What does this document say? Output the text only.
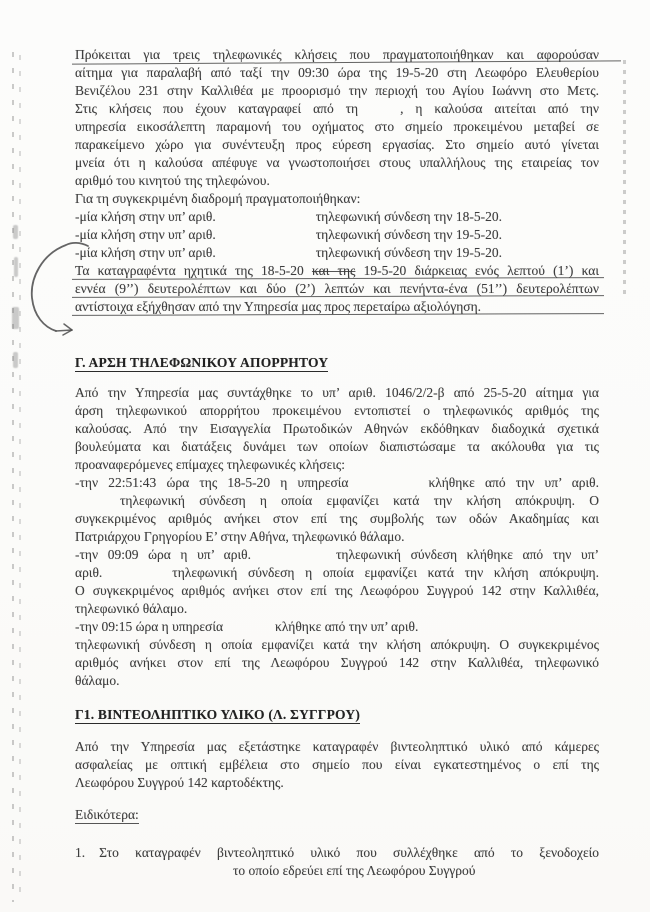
Πρόκειται για τρεις τηλεφωνικές κλήσεις που πραγματοποιήθηκαν και αφορούσαν
αίτημα για παραλαβή από ταξί την 09:30 ώρα της 19-5-20 στη Λεωφόρο Ελευθερίου
Βενιζέλου 231 στην Καλλιθέα με προορισμό την περιοχή του Αγίου Ιωάννη στο Μετς.
Στις κλήσεις που έχουν καταγραφεί από τη	, η καλούσα αιτείται από την
υπηρεσία εικοσάλεπτη παραμονή του οχήματος στο σημείο προκειμένου μεταβεί σε
παρακείμενο χώρο για συνέντευξη προς εύρεση εργασίας. Στο σημείο αυτό γίνεται
μνεία ότι η καλούσα απέφυγε να γνωστοποιήσει στους υπαλλήλους της εταιρείας τον
αριθμό του κινητού της τηλεφώνου.
Για τη συγκεκριμένη διαδρομή πραγματοποιήθηκαν:
-μία κλήση στην υπ’ αριθ.	τηλεφωνική σύνδεση την 18-5-20.
-μία κλήση στην υπ’ αριθ.	τηλεφωνική σύνδεση την 19-5-20.
-μία κλήση στην υπ’ αριθ.	τηλεφωνική σύνδεση την 19-5-20.
Τα καταγραφέντα ηχητικά της 18-5-20 και της 19-5-20 διάρκειας ενός λεπτού (1’) και
εννέα (9’’) δευτερολέπτων και δύο (2’) λεπτών και πενήντα-ένα (51’’) δευτερολέπτων
αντίστοιχα εξήχθησαν από την Υπηρεσία μας προς περεταίρω αξιολόγηση.
Γ. ΑΡΣΗ ΤΗΛΕΦΩΝΙΚΟΥ ΑΠΟΡΡΗΤΟΥ
Από την Υπηρεσία μας συντάχθηκε το υπ’ αριθ. 1046/2/2-β από 25-5-20 αίτημα για
άρση τηλεφωνικού απορρήτου προκειμένου εντοπιστεί ο τηλεφωνικός αριθμός της
καλούσας. Από την Εισαγγελία Πρωτοδικών Αθηνών εκδόθηκαν διαδοχικά σχετικά
βουλεύματα και διατάξεις δυνάμει των οποίων διαπιστώσαμε τα ακόλουθα για τις
προαναφερόμενες επίμαχες τηλεφωνικές κλήσεις:
-την 22:51:43 ώρα της 18-5-20 η υπηρεσία	κλήθηκε από την υπ’ αριθ.
τηλεφωνική σύνδεση η οποία εμφανίζει κατά την κλήση απόκρυψη. Ο
συγκεκριμένος αριθμός ανήκει στον επί της συμβολής των οδών Ακαδημίας και
Πατριάρχου Γρηγορίου Ε’ στην Αθήνα, τηλεφωνικό θάλαμο.
-την 09:09 ώρα η υπ’ αριθ.	τηλεφωνική σύνδεση κλήθηκε από την υπ’
αριθ.	τηλεφωνική σύνδεση η οποία εμφανίζει κατά την κλήση απόκρυψη.
Ο συγκεκριμένος αριθμός ανήκει στον επί της Λεωφόρου Συγγρού 142 στην Καλλιθέα,
τηλεφωνικό θάλαμο.
-την 09:15 ώρα η υπηρεσία	κλήθηκε από την υπ’ αριθ.
τηλεφωνική σύνδεση η οποία εμφανίζει κατά την κλήση απόκρυψη. Ο συγκεκριμένος
αριθμός ανήκει στον επί της Λεωφόρου Συγγρού 142 στην Καλλιθέα, τηλεφωνικό
θάλαμο.
Γ1. ΒΙΝΤΕΟΛΗΠΤΙΚΟ ΥΛΙΚΟ (Λ. ΣΥΓΓΡΟΥ)
Από την Υπηρεσία μας εξετάστηκε καταγραφέν βιντεοληπτικό υλικό από κάμερες
ασφαλείας με οπτική εμβέλεια στο σημείο που είναι εγκατεστημένος ο επί της
Λεωφόρου Συγγρού 142 καρτοδέκτης.
Ειδικότερα:
1. Στο καταγραφέν βιντεοληπτικό υλικό που συλλέχθηκε από το ξενοδοχείο
το οποίο εδρεύει επί της Λεωφόρου Συγγρού
